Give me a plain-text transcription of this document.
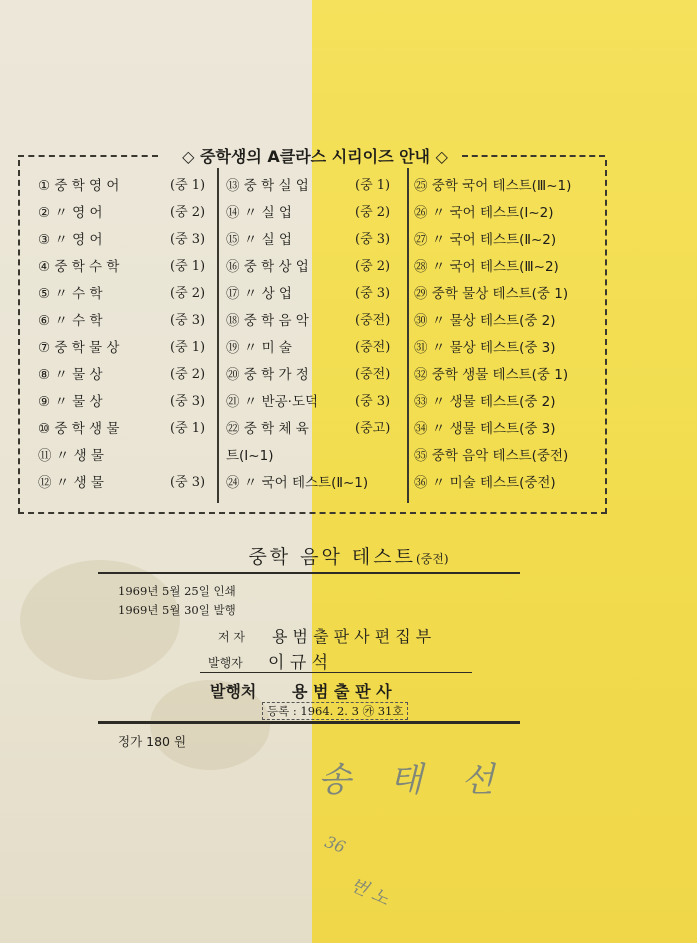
◇ 중학생의 A클라스 시리이즈 안내 ◇
① 중 학 영 어	(중 1)
② 〃 영 어	(중 2)
③ 〃 영 어	(중 3)
④ 중 학 수 학	(중 1)
⑤ 〃 수 학	(중 2)
⑥ 〃 수 학	(중 3)
⑦ 중 학 물 상	(중 1)
⑧ 〃 물 상	(중 2)
⑨ 〃 물 상	(중 3)
⑩ 중 학 생 물	(중 1)
⑪ 〃 생 물
⑫ 〃 생 물	(중 3)
⑬ 중 학 실 업	(중 1)
⑭ 〃 실 업	(중 2)
⑮ 〃 실 업	(중 3)
⑯ 중 학 상 업	(중 2)
⑰ 〃 상 업	(중 3)
⑱ 중 학 음 악	(중전)
⑲ 〃 미 술	(중전)
⑳ 중 학 가 정	(중전)
㉑ 〃 반공·도덕	(중 3)
㉒ 중 학 체 육	(중고)
트(Ⅰ~1)
㉔ 〃 국어 테스트(Ⅱ~1)
㉕ 중학 국어 테스트(Ⅲ~1)
㉖ 〃 국어 테스트(Ⅰ~2)
㉗ 〃 국어 테스트(Ⅱ~2)
㉘ 〃 국어 테스트(Ⅲ~2)
㉙ 중학 물상 테스트(중 1)
㉚ 〃 물상 테스트(중 2)
㉛ 〃 물상 테스트(중 3)
㉜ 중학 생물 테스트(중 1)
㉝ 〃 생물 테스트(중 2)
㉞ 〃 생물 테스트(중 3)
㉟ 중학 음악 테스트(중전)
㊱ 〃 미술 테스트(중전)
중학 음악 테스트(중전)
1969년 5월 25일 인쇄
1969년 5월 30일 발행
저 자 용 범 출 판 사 편 집 부
발행자 이 규 석
발행처 용 범 출 판 사
등록 : 1964. 2. 3 ㉮ 31호
정가 180 원
송 태 선
36
번 노
